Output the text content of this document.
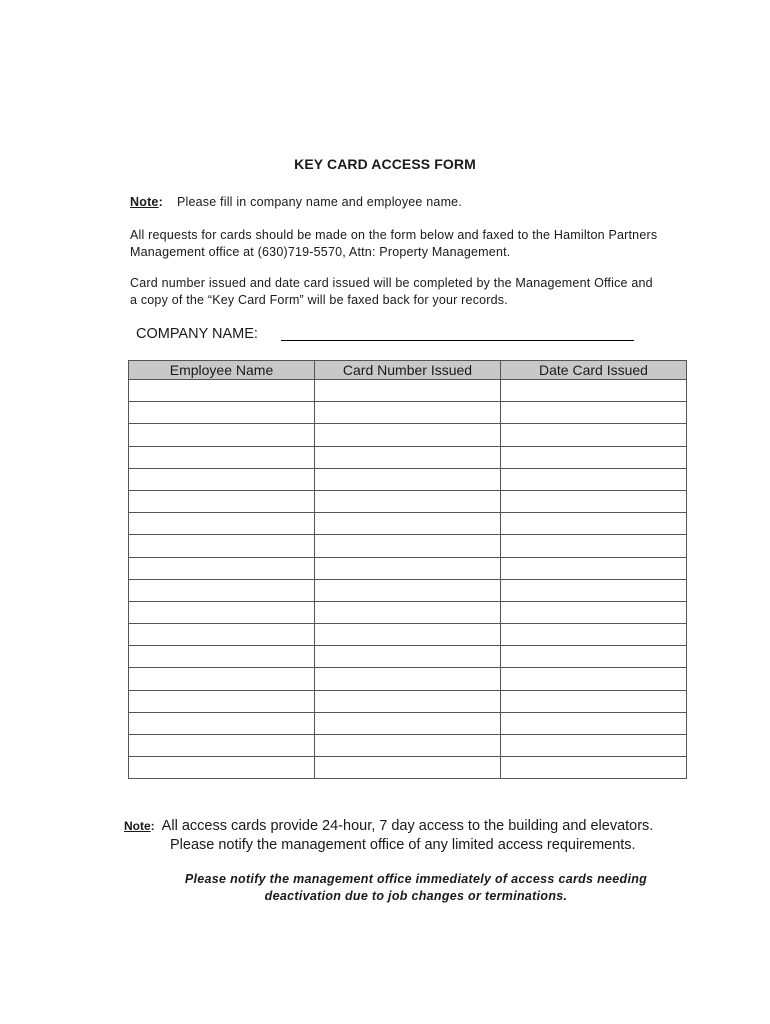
KEY CARD ACCESS FORM
Note: Please fill in company name and employee name.
All requests for cards should be made on the form below and faxed to the Hamilton Partners
Management office at (630)719-5570, Attn: Property Management.
Card number issued and date card issued will be completed by the Management Office and
a copy of the “Key Card Form” will be faxed back for your records.
COMPANY NAME:
Employee Name	Card Number Issued	Date Card Issued

Note: All access cards provide 24-hour, 7 day access to the building and elevators.
Please notify the management office of any limited access requirements.
Please notify the management office immediately of access cards needing
deactivation due to job changes or terminations.
